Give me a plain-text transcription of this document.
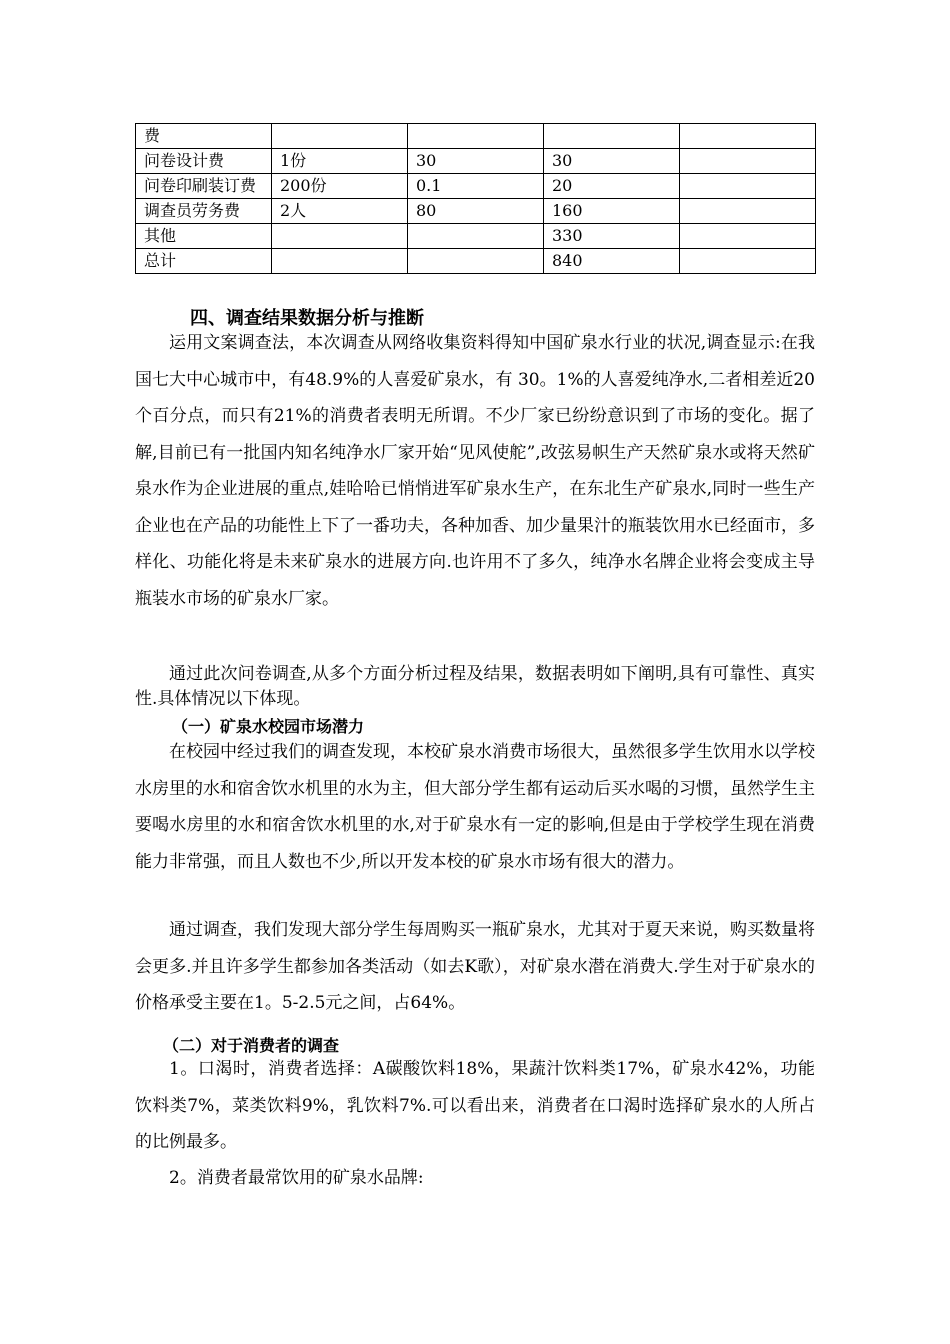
费				
问卷设计费	1份	30	30	
问卷印刷装订费	200份	0.1	20	
调查员劳务费	2人	80	160	
其他			330	
总计			840	
四、调查结果数据分析与推断

运用文案调查法，本次调查从网络收集资料得知中国矿泉水行业的状况,调查显示:在我国七大中心城市中，有48.9%的人喜爱矿泉水，有 30。1%的人喜爱纯净水,二者相差近20个百分点，而只有21%的消费者表明无所谓。不少厂家已纷纷意识到了市场的变化。据了解,目前已有一批国内知名纯净水厂家开始“见风使舵”,改弦易帜生产天然矿泉水或将天然矿泉水作为企业进展的重点,娃哈哈已悄悄进军矿泉水生产，在东北生产矿泉水,同时一些生产企业也在产品的功能性上下了一番功夫，各种加香、加少量果汁的瓶装饮用水已经面市，多样化、功能化将是未来矿泉水的进展方向.也许用不了多久，纯净水名牌企业将会变成主导瓶装水市场的矿泉水厂家。

通过此次问卷调查,从多个方面分析过程及结果，数据表明如下阐明,具有可靠性、真实性.具体情况以下体现。

（一）矿泉水校园市场潜力

在校园中经过我们的调查发现，本校矿泉水消费市场很大，虽然很多学生饮用水以学校水房里的水和宿舍饮水机里的水为主，但大部分学生都有运动后买水喝的习惯，虽然学生主要喝水房里的水和宿舍饮水机里的水,对于矿泉水有一定的影响,但是由于学校学生现在消费能力非常强，而且人数也不少,所以开发本校的矿泉水市场有很大的潜力。

通过调查，我们发现大部分学生每周购买一瓶矿泉水，尤其对于夏天来说，购买数量将会更多.并且许多学生都参加各类活动（如去K歌），对矿泉水潜在消费大.学生对于矿泉水的价格承受主要在1。5-2.5元之间，占64%。

（二）对于消费者的调查

1。口渴时，消费者选择：A碳酸饮料18%，果蔬汁饮料类17%，矿泉水42%，功能饮料类7%，菜类饮料9%，乳饮料7%.可以看出来，消费者在口渴时选择矿泉水的人所占的比例最多。

2。消费者最常饮用的矿泉水品牌:
